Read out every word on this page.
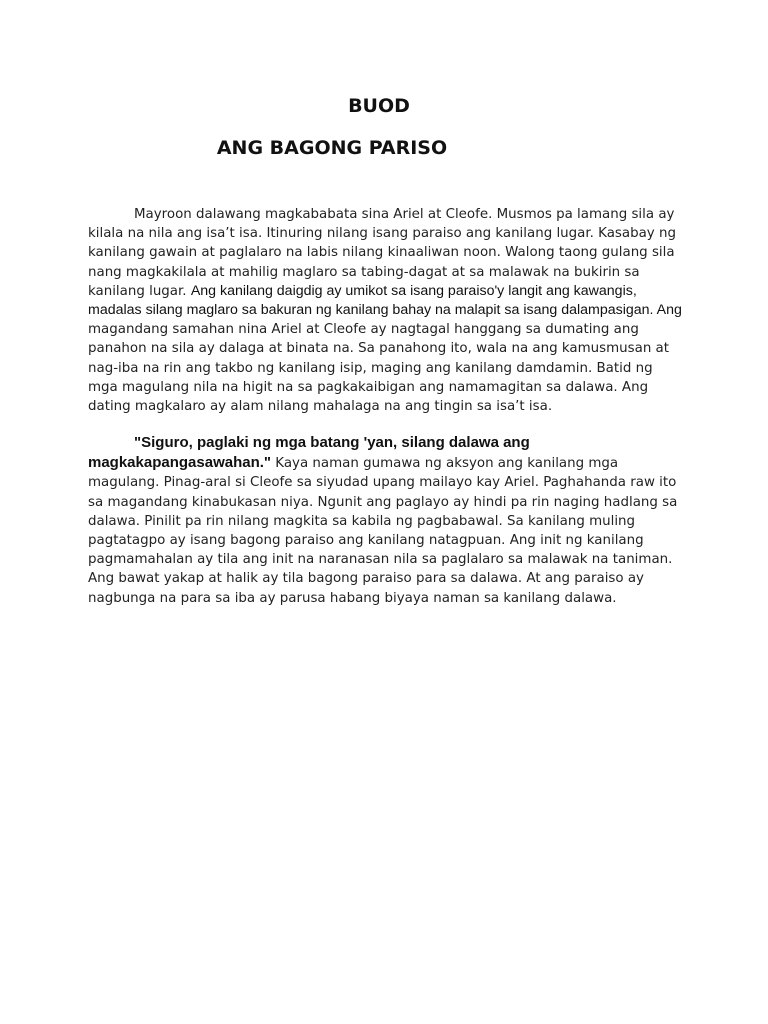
BUOD
ANG BAGONG PARISO

Mayroon dalawang magkababata sina Ariel at Cleofe. Musmos pa lamang sila ay kilala na nila ang isa’t isa. Itinuring nilang isang paraiso ang kanilang lugar. Kasabay ng kanilang gawain at paglalaro na labis nilang kinaaliwan noon. Walong taong gulang sila nang magkakilala at mahilig maglaro sa tabing-dagat at sa malawak na bukirin sa kanilang lugar. Ang kanilang daigdig ay umikot sa isang paraiso'y langit ang kawangis, madalas silang maglaro sa bakuran ng kanilang bahay na malapit sa isang dalampasigan. Ang magandang samahan nina Ariel at Cleofe ay nagtagal hanggang sa dumating ang panahon na sila ay dalaga at binata na. Sa panahong ito, wala na ang kamusmusan at nag-iba na rin ang takbo ng kanilang isip, maging ang kanilang damdamin. Batid ng mga magulang nila na higit na sa pagkakaibigan ang namamagitan sa dalawa. Ang dating magkalaro ay alam nilang mahalaga na ang tingin sa isa’t isa.

"Siguro, paglaki ng mga batang 'yan, silang dalawa ang magkakapangasawahan." Kaya naman gumawa ng aksyon ang kanilang mga magulang. Pinag-aral si Cleofe sa siyudad upang mailayo kay Ariel. Paghahanda raw ito sa magandang kinabukasan niya. Ngunit ang paglayo ay hindi pa rin naging hadlang sa dalawa. Pinilit pa rin nilang magkita sa kabila ng pagbabawal. Sa kanilang muling pagtatagpo ay isang bagong paraiso ang kanilang natagpuan. Ang init ng kanilang pagmamahalan ay tila ang init na naranasan nila sa paglalaro sa malawak na taniman. Ang bawat yakap at halik ay tila bagong paraiso para sa dalawa. At ang paraiso ay nagbunga na para sa iba ay parusa habang biyaya naman sa kanilang dalawa.
